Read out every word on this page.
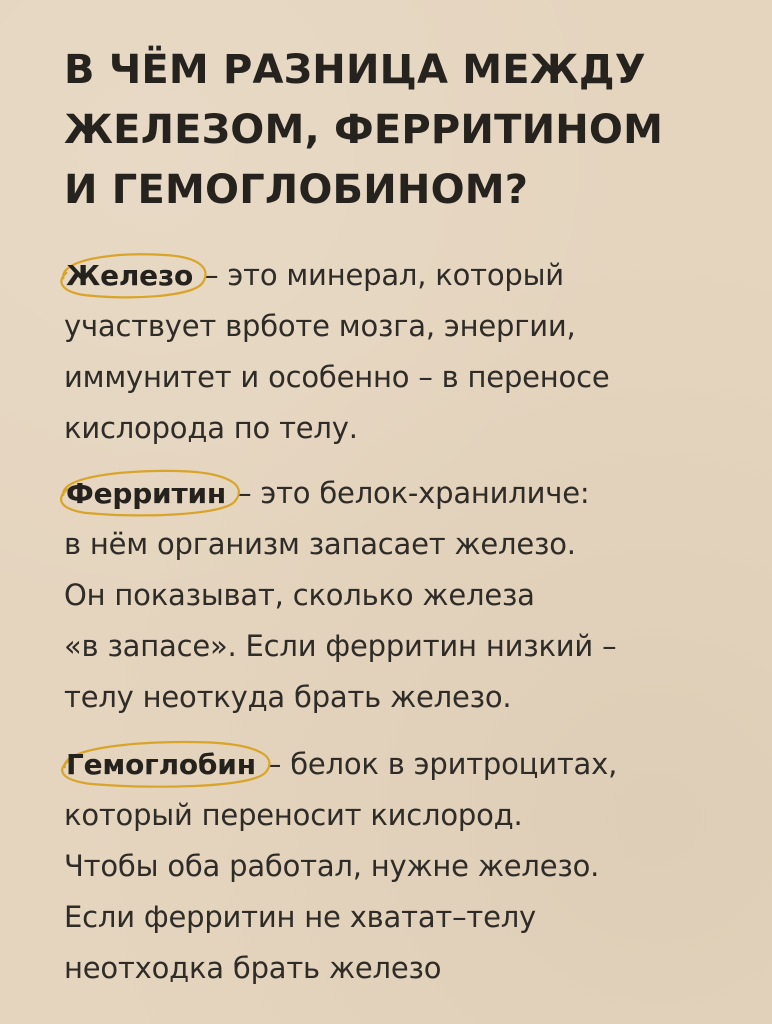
В ЧЁМ РАЗНИЦА МЕЖДУ
ЖЕЛЕЗОМ, ФЕРРИТИНОМ
И ГЕМОГЛОБИНОМ?

Железо – это минерал, который
участвует врботе мозга, энергии,
иммунитет и особенно – в переносе
кислорода по телу.

Ферритин – это белок-храниличе:
в нём организм запасает железо.
Он показыват, сколько железа
«в запасе». Если ферритин низкий –
телу неоткуда брать железо.

Гемоглобин – белок в эритроцитах,
который переносит кислород.
Чтобы оба работал, нужне железо.
Если ферритин не хватат–телу
неотходка брать железо
